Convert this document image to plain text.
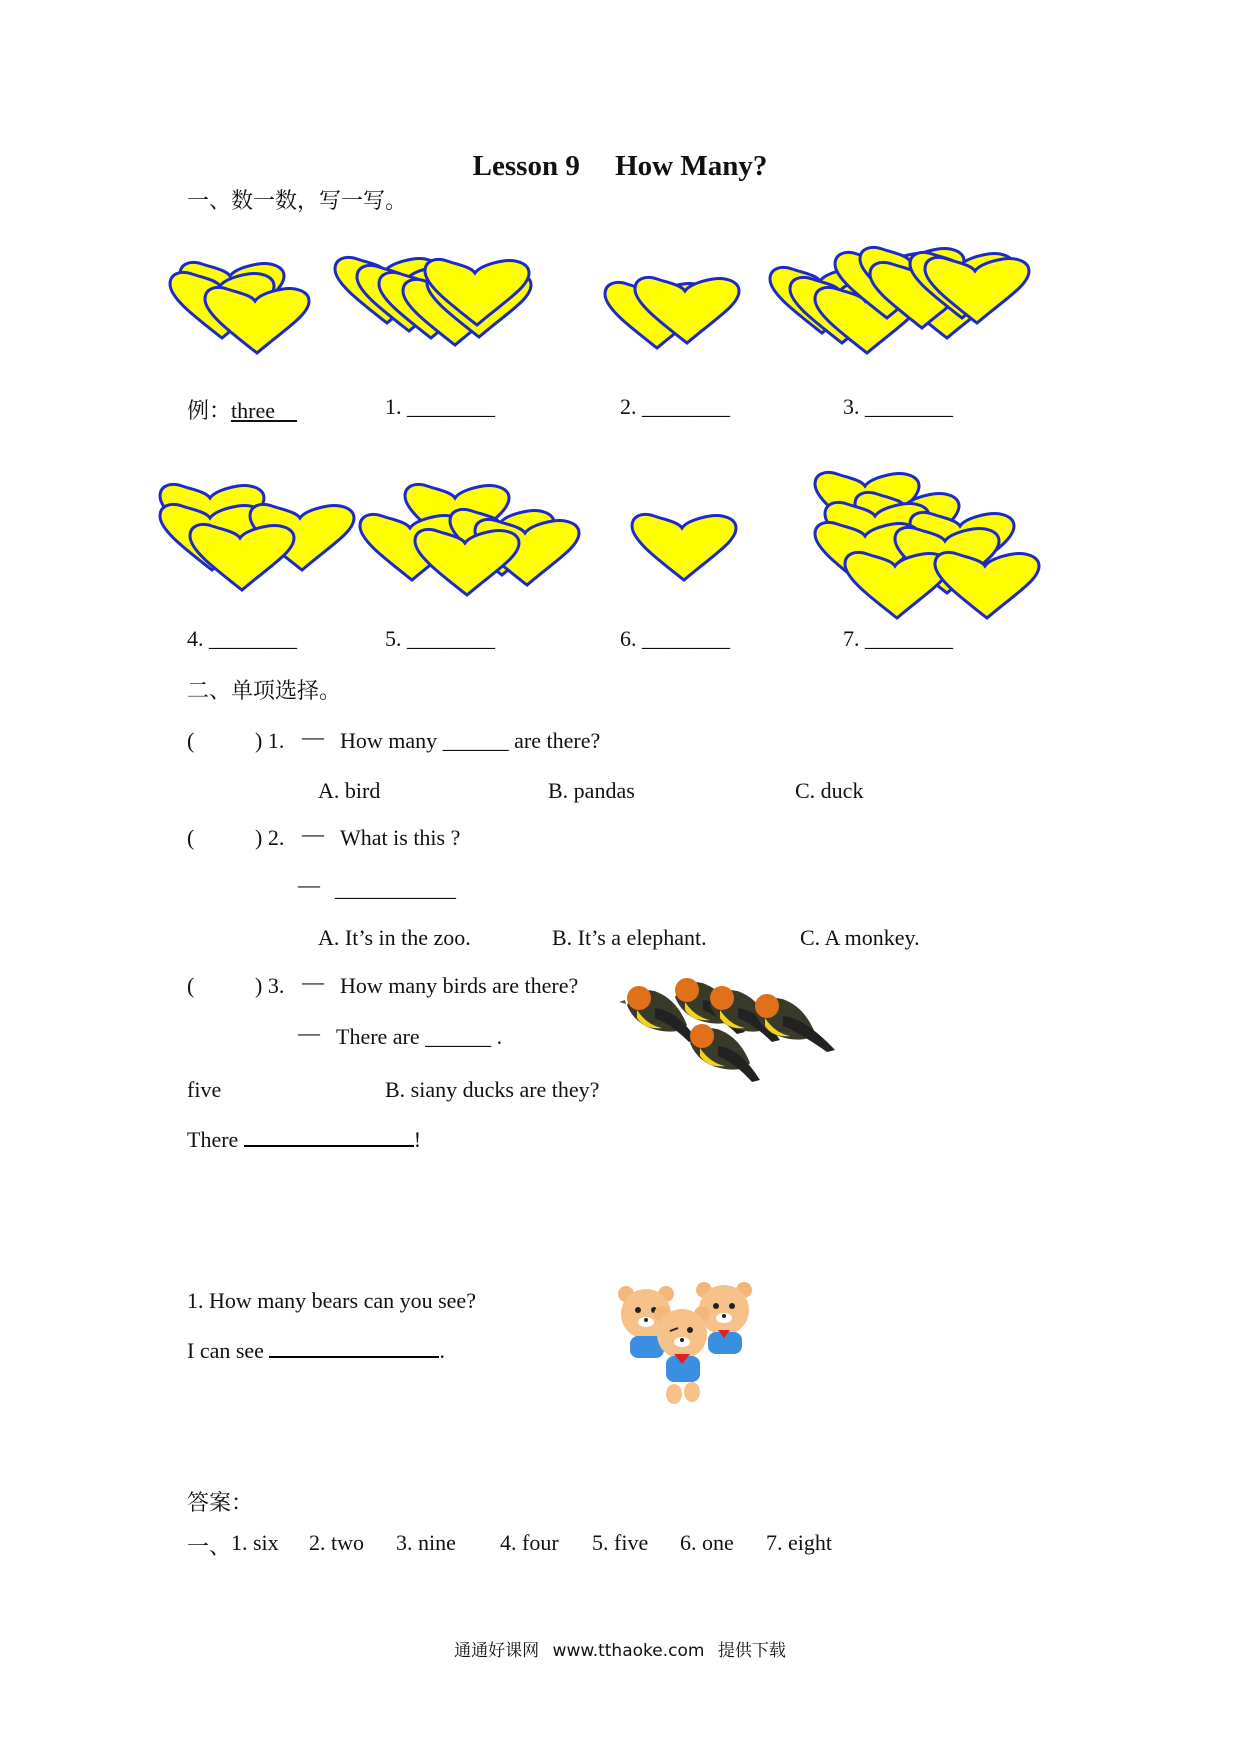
Lesson 9 How Many?
一、数一数，写一写。
例：three	1. ________	2. ________	3. ________
4. ________	5. ________	6. ________	7. ________
二、单项选择。
(	) 1. — How many ______ are there?
A. bird	B. pandas	C. duck
(	) 2. — What is this ?
— ___________
A. It’s in the zoo.	B. It’s a elephant.	C. A monkey.
(	) 3. — How many birds are there?
— There are ______ .
five	B. siany ducks are they?
There	!
1. How many bears can you see?
I can see	.
答案：
一、 1. six 2. two 3. nine 4. four 5. five 6. one 7. eight
通通好课网 www.tthaoke.com 提供下载
